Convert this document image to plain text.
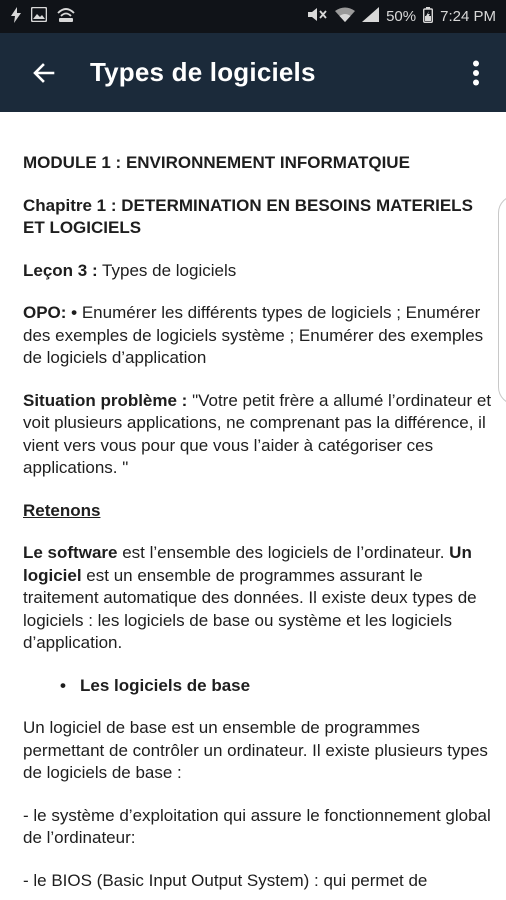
50% 7:24 PM
Types de logiciels

MODULE 1 : ENVIRONNEMENT INFORMATQIUE

Chapitre 1 : DETERMINATION EN BESOINS MATERIELS ET LOGICIELS

Leçon 3 : Types de logiciels

OPO: • Enumérer les différents types de logiciels ; Enumérer des exemples de logiciels système ; Enumérer des exemples de logiciels d’application

Situation problème : "Votre petit frère a allumé l’ordinateur et voit plusieurs applications, ne comprenant pas la différence, il vient vers vous pour que vous l’aider à catégoriser ces applications. "

Retenons

Le software est l’ensemble des logiciels de l’ordinateur. Un logiciel est un ensemble de programmes assurant le traitement automatique des données. Il existe deux types de logiciels : les logiciels de base ou système et les logiciels d’application.

• Les logiciels de base

Un logiciel de base est un ensemble de programmes permettant de contrôler un ordinateur. Il existe plusieurs types de logiciels de base :

- le système d’exploitation qui assure le fonctionnement global de l’ordinateur:

- le BIOS (Basic Input Output System) : qui permet de
